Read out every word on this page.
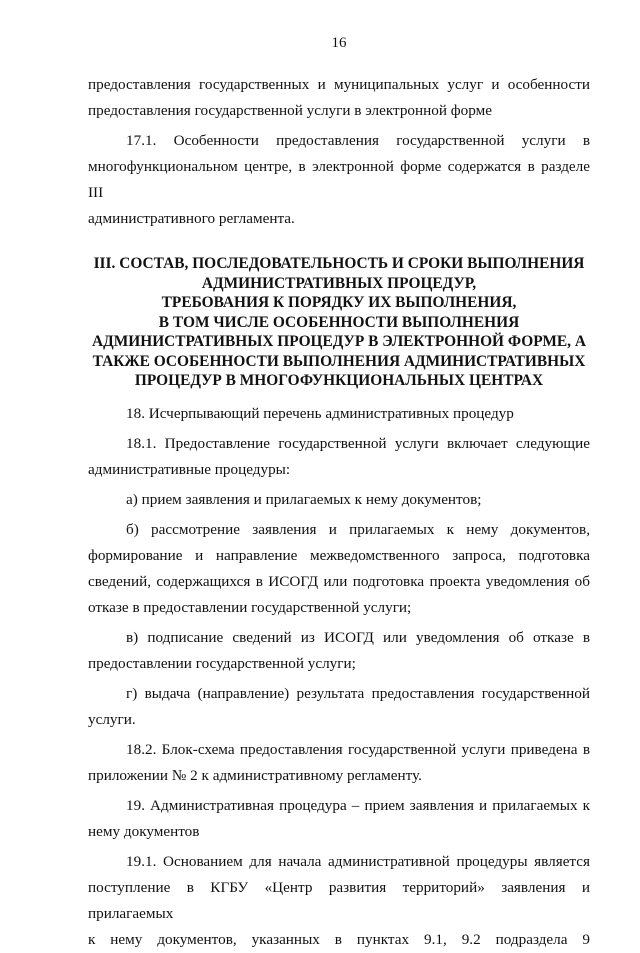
16

предоставления государственных и муниципальных услуг и особенности

предоставления государственной услуги в электронной форме

17.1. Особенности предоставления государственной услуги в

многофункциональном центре, в электронной форме содержатся в разделе III

административного регламента.

III. СОСТАВ, ПОСЛЕДОВАТЕЛЬНОСТЬ И СРОКИ ВЫПОЛНЕНИЯ
АДМИНИСТРАТИВНЫХ ПРОЦЕДУР,
ТРЕБОВАНИЯ К ПОРЯДКУ ИХ ВЫПОЛНЕНИЯ,
В ТОМ ЧИСЛЕ ОСОБЕННОСТИ ВЫПОЛНЕНИЯ
АДМИНИСТРАТИВНЫХ ПРОЦЕДУР В ЭЛЕКТРОННОЙ ФОРМЕ, А
ТАКЖЕ ОСОБЕННОСТИ ВЫПОЛНЕНИЯ АДМИНИСТРАТИВНЫХ
ПРОЦЕДУР В МНОГОФУНКЦИОНАЛЬНЫХ ЦЕНТРАХ

18. Исчерпывающий перечень административных процедур

18.1. Предоставление государственной услуги включает следующие

административные процедуры:

а) прием заявления и прилагаемых к нему документов;

б) рассмотрение заявления и прилагаемых к нему документов,

формирование и направление межведомственного запроса, подготовка

сведений, содержащихся в ИСОГД или подготовка проекта уведомления об

отказе в предоставлении государственной услуги;

в) подписание сведений из ИСОГД или уведомления об отказе в

предоставлении государственной услуги;

г) выдача (направление) результата предоставления государственной

услуги.

18.2. Блок-схема предоставления государственной услуги приведена в

приложении № 2 к административному регламенту.

19. Административная процедура – прием заявления и прилагаемых к

нему документов

19.1. Основанием для начала административной процедуры является

поступление в КГБУ «Центр развития территорий» заявления и прилагаемых

к нему документов, указанных в пунктах 9.1, 9.2 подраздела 9
